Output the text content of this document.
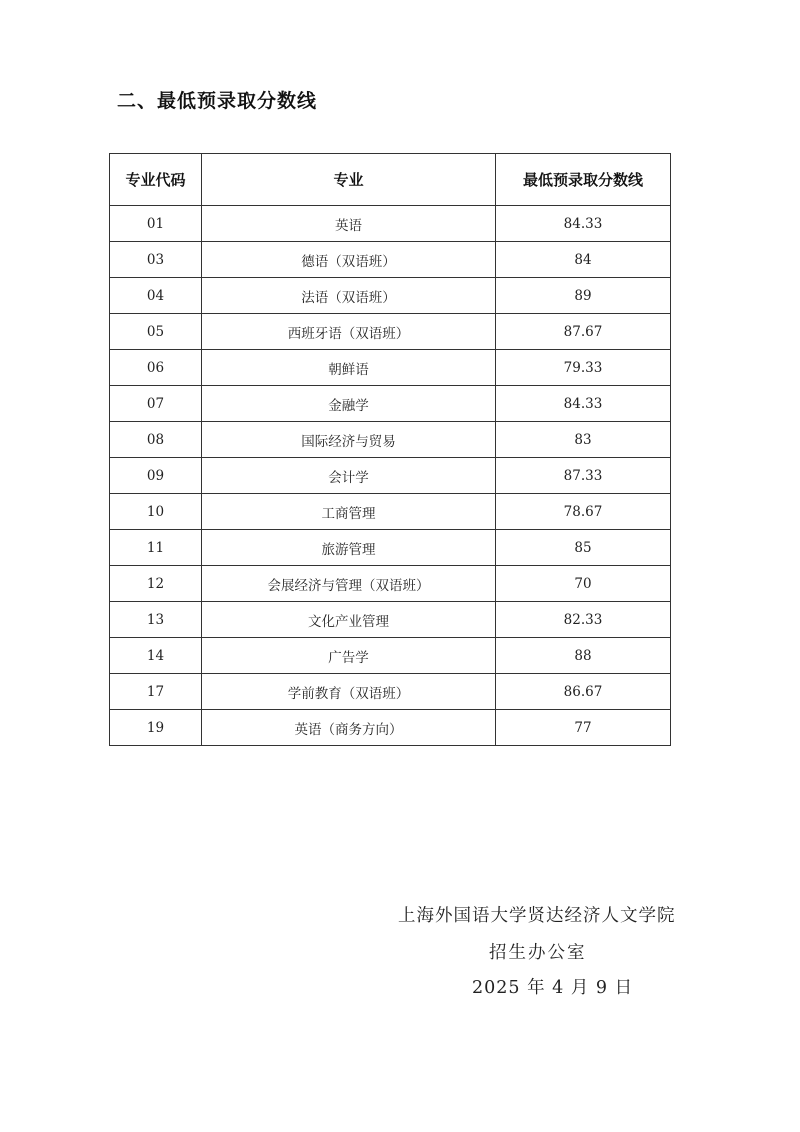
二、最低预录取分数线
专业代码	专业	最低预录取分数线
01	英语	84.33
03	德语（双语班）	84
04	法语（双语班）	89
05	西班牙语（双语班）	87.67
06	朝鲜语	79.33
07	金融学	84.33
08	国际经济与贸易	83
09	会计学	87.33
10	工商管理	78.67
11	旅游管理	85
12	会展经济与管理（双语班）	70
13	文化产业管理	82.33
14	广告学	88
17	学前教育（双语班）	86.67
19	英语（商务方向）	77
上海外国语大学贤达经济人文学院
招生办公室
2025 年 4 月 9 日
